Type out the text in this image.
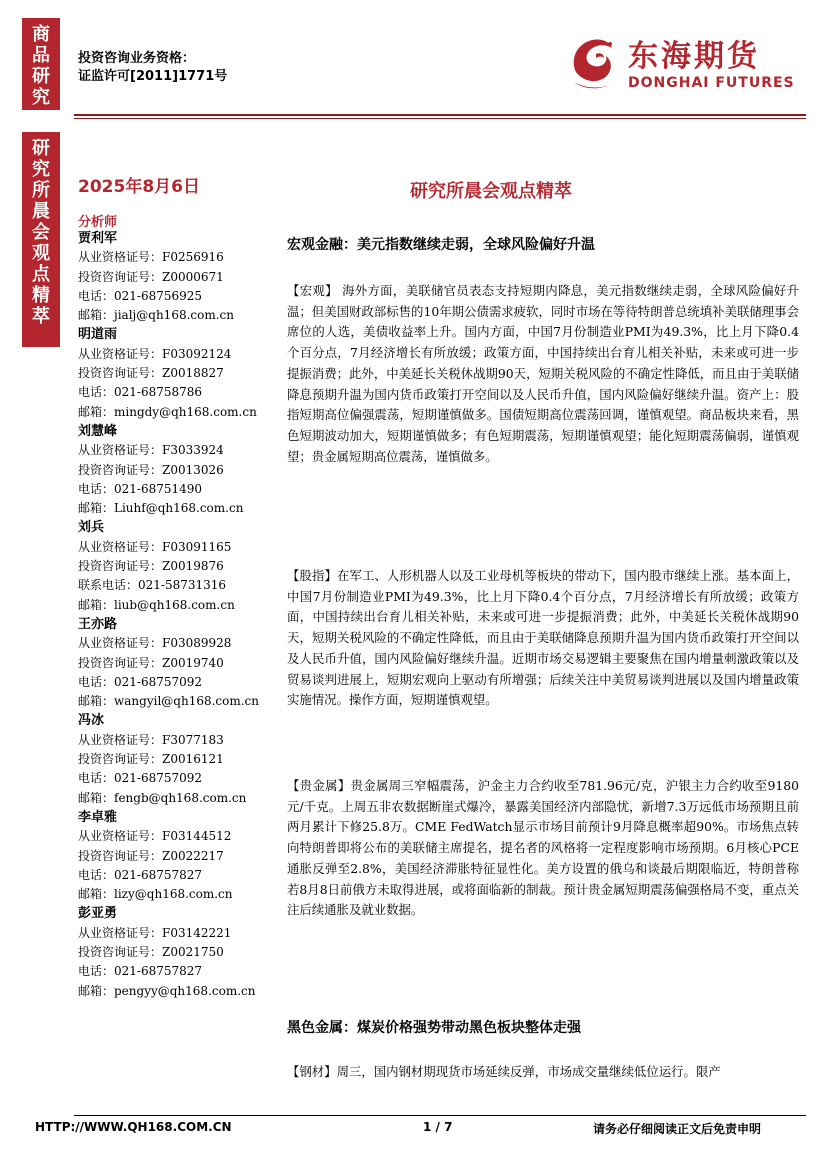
商
品
研
究
研
究
所
晨
会
观
点
精
萃
投资咨询业务资格：
证监许可[2011]1771号
东海期货
DONGHAI FUTURES
2025年8月6日	研究所晨会观点精萃
分析师
贾利军
从业资格证号：F0256916
投资咨询证号：Z0000671
电话：021-68756925
邮箱：jialj@qh168.com.cn
明道雨
从业资格证号：F03092124
投资咨询证号：Z0018827
电话：021-68758786
邮箱：mingdy@qh168.com.cn
刘慧峰
从业资格证号：F3033924
投资咨询证号：Z0013026
电话：021-68751490
邮箱：Liuhf@qh168.com.cn
刘兵
从业资格证号：F03091165
投资咨询证号：Z0019876
联系电话：021-58731316
邮箱：liub@qh168.com.cn
王亦路
从业资格证号：F03089928
投资咨询证号：Z0019740
电话：021-68757092
邮箱：wangyil@qh168.com.cn
冯冰
从业资格证号：F3077183
投资咨询证号：Z0016121
电话：021-68757092
邮箱：fengb@qh168.com.cn
李卓雅
从业资格证号：F03144512
投资咨询证号：Z0022217
电话：021-68757827
邮箱：lizy@qh168.com.cn
彭亚勇
从业资格证号：F03142221
投资咨询证号：Z0021750
电话：021-68757827
邮箱：pengyy@qh168.com.cn
宏观金融：美元指数继续走弱，全球风险偏好升温
【宏观】 海外方面，美联储官员表态支持短期内降息，美元指数继续走弱，全球风险偏好升温；但美国财政部标售的10年期公债需求疲软，同时市场在等待特朗普总统填补美联储理事会席位的人选，美债收益率上升。国内方面，中国7月份制造业PMI为49.3%，比上月下降0.4个百分点，7月经济增长有所放缓；政策方面，中国持续出台育儿相关补贴，未来或可进一步提振消费；此外，中美延长关税休战期90天，短期关税风险的不确定性降低，而且由于美联储降息预期升温为国内货币政策打开空间以及人民币升值，国内风险偏好继续升温。资产上：股指短期高位偏强震荡，短期谨慎做多。国债短期高位震荡回调，谨慎观望。商品板块来看，黑色短期波动加大，短期谨慎做多；有色短期震荡，短期谨慎观望；能化短期震荡偏弱，谨慎观望；贵金属短期高位震荡，谨慎做多。
【股指】在军工、人形机器人以及工业母机等板块的带动下，国内股市继续上涨。基本面上，中国7月份制造业PMI为49.3%，比上月下降0.4个百分点，7月经济增长有所放缓；政策方面，中国持续出台育儿相关补贴，未来或可进一步提振消费；此外，中美延长关税休战期90天，短期关税风险的不确定性降低，而且由于美联储降息预期升温为国内货币政策打开空间以及人民币升值，国内风险偏好继续升温。近期市场交易逻辑主要聚焦在国内增量刺激政策以及贸易谈判进展上，短期宏观向上驱动有所增强；后续关注中美贸易谈判进展以及国内增量政策实施情况。操作方面，短期谨慎观望。
【贵金属】贵金属周三窄幅震荡，沪金主力合约收至781.96元/克，沪银主力合约收至9180元/千克。上周五非农数据断崖式爆冷，暴露美国经济内部隐忧，新增7.3万远低市场预期且前两月累计下修25.8万。CME FedWatch显示市场目前预计9月降息概率超90%。市场焦点转向特朗普即将公布的美联储主席提名，提名者的风格将一定程度影响市场预期。6月核心PCE通胀反弹至2.8%，美国经济滞胀特征显性化。美方设置的俄乌和谈最后期限临近，特朗普称若8月8日前俄方未取得进展，或将面临新的制裁。预计贵金属短期震荡偏强格局不变，重点关注后续通胀及就业数据。
黑色金属：煤炭价格强势带动黑色板块整体走强
【钢材】周三，国内钢材期现货市场延续反弹，市场成交量继续低位运行。限产
HTTP://WWW.QH168.COM.CN	1 / 7	请务必仔细阅读正文后免责申明
